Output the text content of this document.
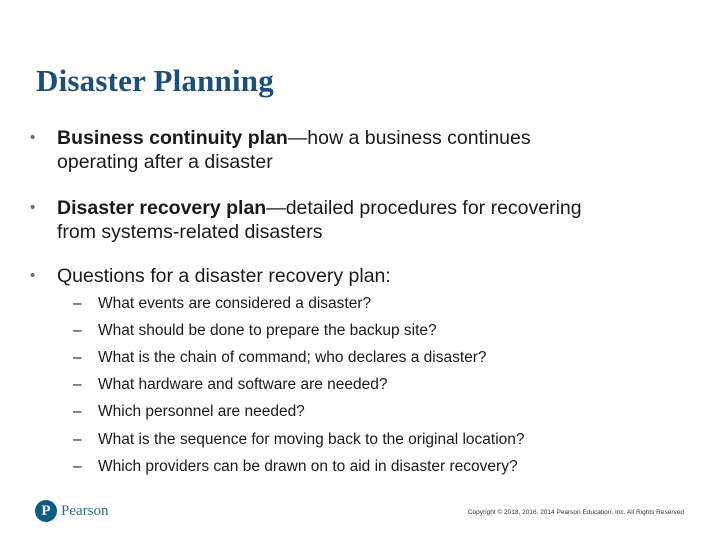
Disaster Planning
• Business continuity plan—how a business continues
operating after a disaster
• Disaster recovery plan—detailed procedures for recovering
from systems-related disasters
• Questions for a disaster recovery plan:
– What events are considered a disaster?
– What should be done to prepare the backup site?
– What is the chain of command; who declares a disaster?
– What hardware and software are needed?
– Which personnel are needed?
– What is the sequence for moving back to the original location?
– Which providers can be drawn on to aid in disaster recovery?
P Pearson	Copyright © 2018, 2016, 2014 Pearson Education, Inc. All Rights Reserved
